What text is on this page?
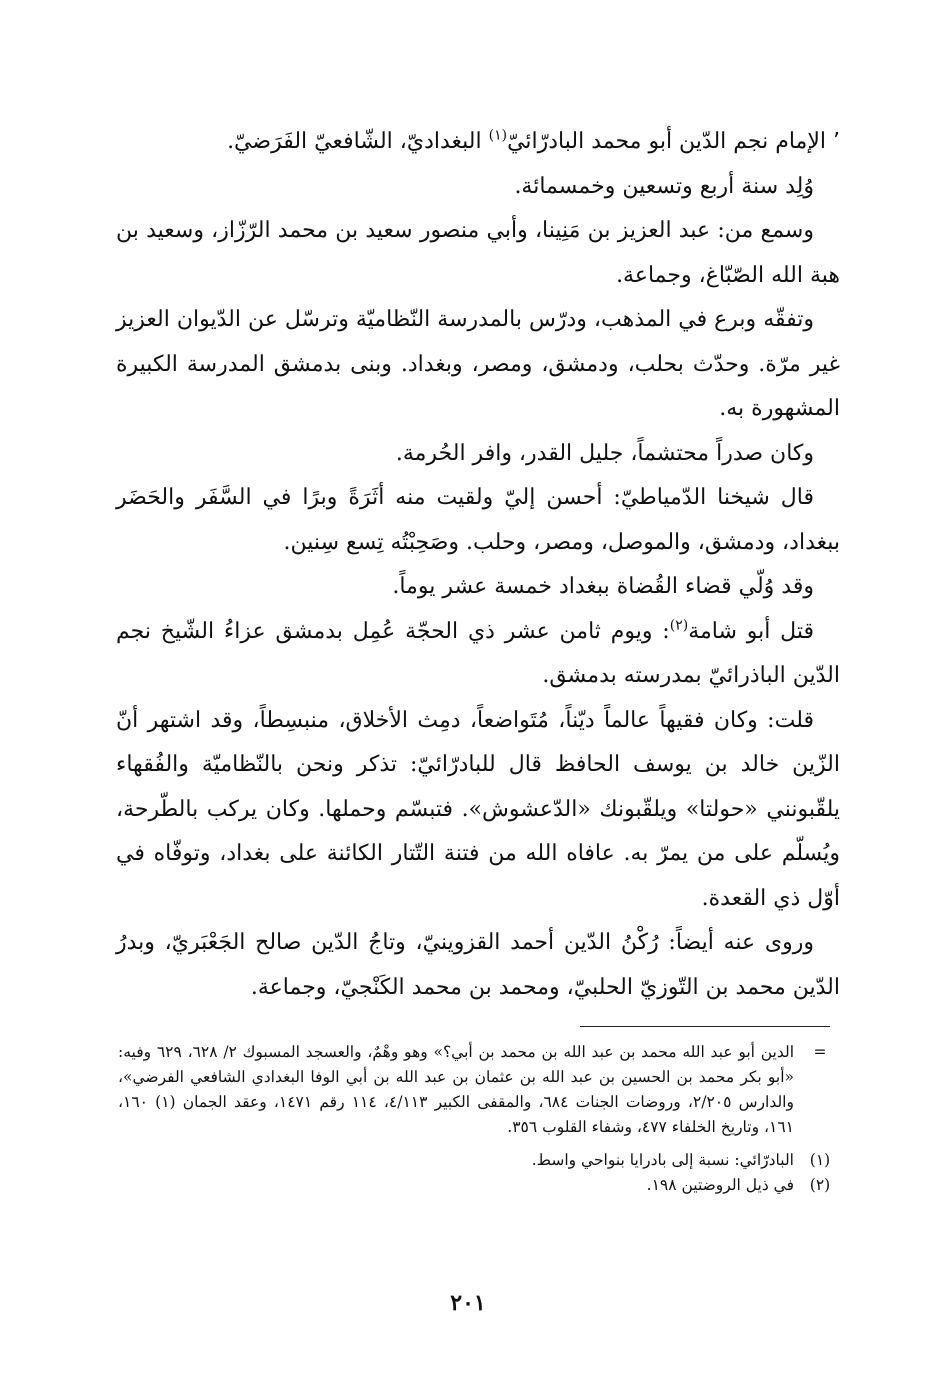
٬ الإمام نجم الدّين أبو محمد البادرّائيّ$^{(١)}$ البغداديّ، الشّافعيّ الفَرَضيّ.

وُلِد سنة أربع وتسعين وخمسمائة.

وسمع من: عبد العزيز بن مَنِينا، وأبي منصور سعيد بن محمد الرّزّاز، وسعيد بن هبة الله الصّبّاغ، وجماعة.

وتفقّه وبرع في المذهب، ودرّس بالمدرسة النّظاميّة وترسّل عن الدّيوان العزيز غير مرّة. وحدّث بحلب، ودمشق، ومصر، وبغداد. وبنى بدمشق المدرسة الكبيرة المشهورة به.

وكان صدراً محتشماً، جليل القدر، وافر الحُرمة.

قال شيخنا الدّمياطيّ: أحسن إليّ ولقيت منه أثَرَةً وبرًا في السَّفَر والحَضَر ببغداد، ودمشق، والموصل، ومصر، وحلب. وصَحِبْتُه تِسع سِنين.

وقد وُلّي قضاء القُضاة ببغداد خمسة عشر يوماً.

قتل أبو شامة$^{(٢)}$: ويوم ثامن عشر ذي الحجّة عُمِل بدمشق عزاءُ الشّيخ نجم الدّين الباذرائيّ بمدرسته بدمشق.

قلت: وكان فقيهاً عالماً ديّناً، مُتَواضعاً، دمِث الأخلاق، منبسِطاً، وقد اشتهر أنّ الزّين خالد بن يوسف الحافظ قال للبادرّائيّ: تذكر ونحن بالنّظاميّة والفُقهاء يلقّبونني «حولتا» ويلقّبونك «الدّعشوش». فتبسّم وحملها. وكان يركب بالطّرحة، ويُسلّم على من يمرّ به. عافاه الله من فتنة التّتار الكائنة على بغداد، وتوفّاه في أوّل ذي القعدة.

وروى عنه أيضاً: رُكْنُ الدّين أحمد القزوينيّ، وتاجُ الدّين صالح الجَعْبَريّ، وبدرُ الدّين محمد بن التّوزيّ الحلبيّ، ومحمد بن محمد الكَنْجيّ، وجماعة.

=
الدين أبو عبد الله محمد بن عبد الله بن محمد بن أبي؟» وهو وهْمٌ، والعسجد المسبوك ٢/ ٦٢٨، ٦٢٩ وفيه: «أبو بكر محمد بن الحسين بن عبد الله بن عثمان بن عبد الله بن أبي الوفا البغدادي الشافعي الفرضي»، والدارس ٢/٢٠٥، وروضات الجنات ٦٨٤، والمقفى الكبير ٤/١١٣، ١١٤ رقم ١٤٧١، وعقد الجمان (١) ١٦٠، ١٦١، وتاريخ الخلفاء ٤٧٧، وشفاء القلوب ٣٥٦.
(١)
البادرّائي: نسبة إلى بادرايا بنواحي واسط.
(٢)
في ذيل الروضتين ١٩٨.
٢٠١
